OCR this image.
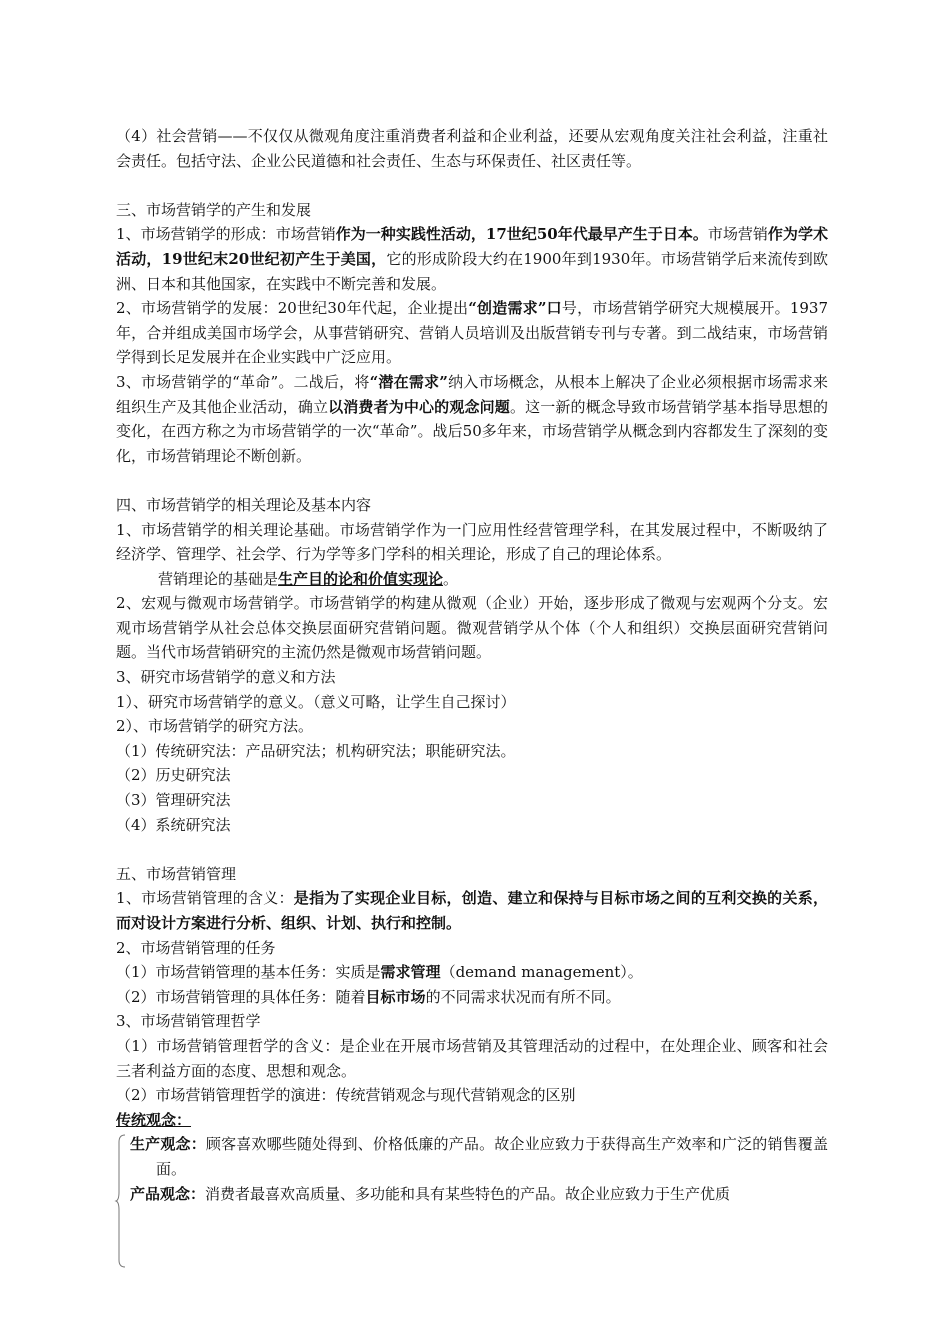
（4）社会营销——不仅仅从微观角度注重消费者利益和企业利益，还要从宏观角度关注社会利益，注重社会责任。包括守法、企业公民道德和社会责任、生态与环保责任、社区责任等。

三、市场营销学的产生和发展

1、市场营销学的形成：市场营销作为一种实践性活动，17世纪50年代最早产生于日本。市场营销作为学术活动，19世纪末20世纪初产生于美国，它的形成阶段大约在1900年到1930年。市场营销学后来流传到欧洲、日本和其他国家，在实践中不断完善和发展。

2、市场营销学的发展：20世纪30年代起，企业提出“创造需求”口号，市场营销学研究大规模展开。1937年，合并组成美国市场学会，从事营销研究、营销人员培训及出版营销专刊与专著。到二战结束，市场营销学得到长足发展并在企业实践中广泛应用。

3、市场营销学的“革命”。二战后，将“潜在需求”纳入市场概念，从根本上解决了企业必须根据市场需求来组织生产及其他企业活动，确立以消费者为中心的观念问题。这一新的概念导致市场营销学基本指导思想的变化，在西方称之为市场营销学的一次“革命”。战后50多年来，市场营销学从概念到内容都发生了深刻的变化，市场营销理论不断创新。

四、市场营销学的相关理论及基本内容

1、市场营销学的相关理论基础。市场营销学作为一门应用性经营管理学科，在其发展过程中，不断吸纳了经济学、管理学、社会学、行为学等多门学科的相关理论，形成了自己的理论体系。

营销理论的基础是生产目的论和价值实现论。

2、宏观与微观市场营销学。市场营销学的构建从微观（企业）开始，逐步形成了微观与宏观两个分支。宏观市场营销学从社会总体交换层面研究营销问题。微观营销学从个体（个人和组织）交换层面研究营销问题。当代市场营销研究的主流仍然是微观市场营销问题。

3、研究市场营销学的意义和方法

1）、研究市场营销学的意义。（意义可略，让学生自己探讨）

2）、市场营销学的研究方法。

（1）传统研究法：产品研究法；机构研究法；职能研究法。

（2）历史研究法

（3）管理研究法

（4）系统研究法

五、市场营销管理

1、市场营销管理的含义：是指为了实现企业目标，创造、建立和保持与目标市场之间的互利交换的关系，而对设计方案进行分析、组织、计划、执行和控制。

2、市场营销管理的任务

（1）市场营销管理的基本任务：实质是需求管理（demand management）。

（2）市场营销管理的具体任务：随着目标市场的不同需求状况而有所不同。

3、市场营销管理哲学

（1）市场营销管理哲学的含义：是企业在开展市场营销及其管理活动的过程中，在处理企业、顾客和社会三者利益方面的态度、思想和观念。

（2）市场营销管理哲学的演进：传统营销观念与现代营销观念的区别

传统观念：

生产观念：顾客喜欢哪些随处得到、价格低廉的产品。故企业应致力于获得高生产效率和广泛的销售覆盖面。

产品观念：消费者最喜欢高质量、多功能和具有某些特色的产品。故企业应致力于生产优质
